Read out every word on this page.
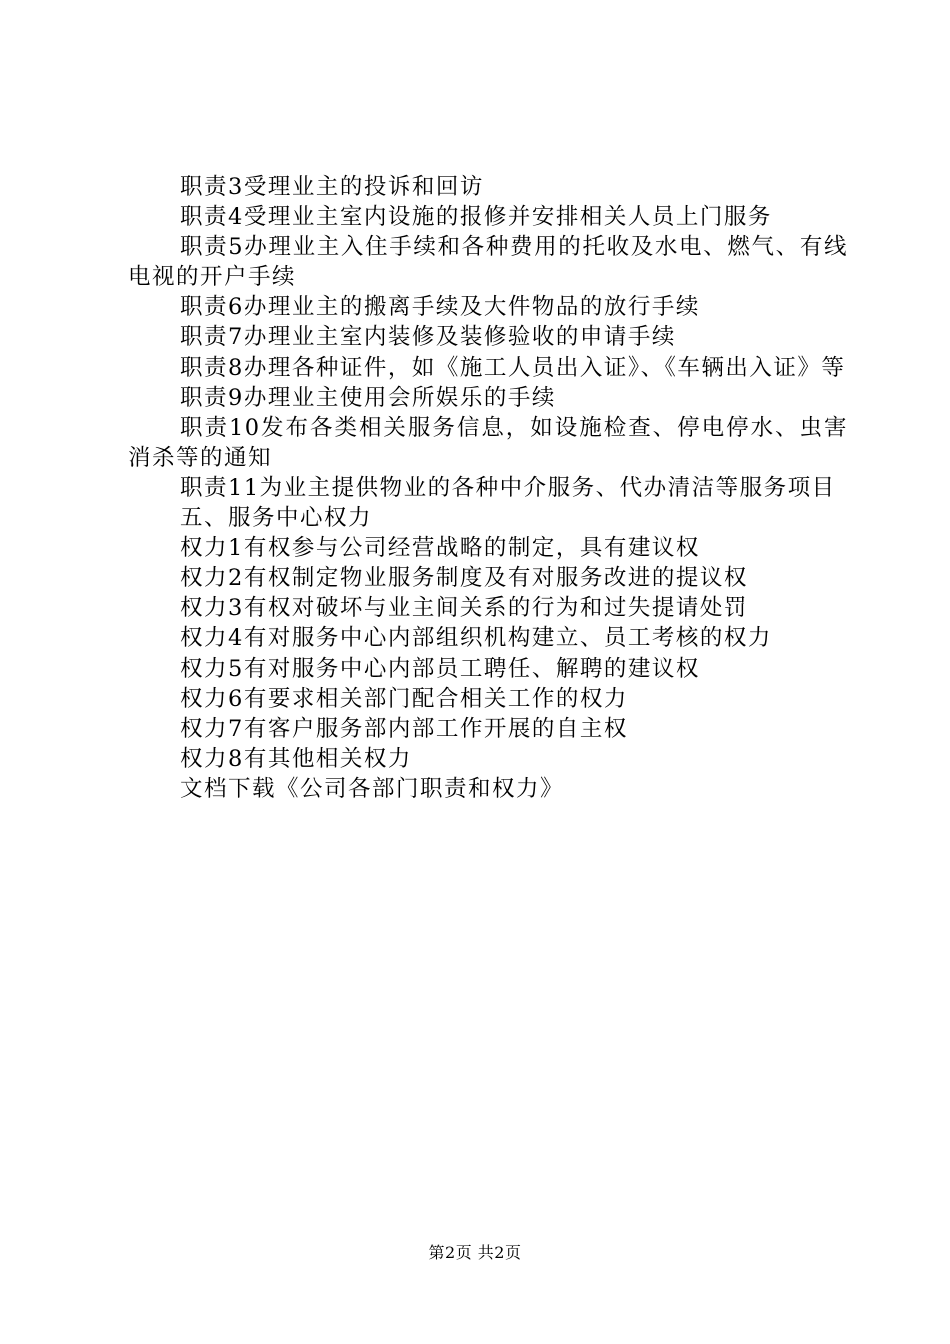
职责3受理业主的投诉和回访

职责4受理业主室内设施的报修并安排相关人员上门服务

职责5办理业主入住手续和各种费用的托收及水电、燃气、有线电视的开户手续

职责6办理业主的搬离手续及大件物品的放行手续

职责7办理业主室内装修及装修验收的申请手续

职责8办理各种证件，如《施工人员出入证》、《车辆出入证》等

职责9办理业主使用会所娱乐的手续

职责10发布各类相关服务信息，如设施检查、停电停水、虫害消杀等的通知

职责11为业主提供物业的各种中介服务、代办清洁等服务项目

五、服务中心权力

权力1有权参与公司经营战略的制定，具有建议权

权力2有权制定物业服务制度及有对服务改进的提议权

权力3有权对破坏与业主间关系的行为和过失提请处罚

权力4有对服务中心内部组织机构建立、员工考核的权力

权力5有对服务中心内部员工聘任、解聘的建议权

权力6有要求相关部门配合相关工作的权力

权力7有客户服务部内部工作开展的自主权

权力8有其他相关权力

文档下载《公司各部门职责和权力》

第2页 共2页
